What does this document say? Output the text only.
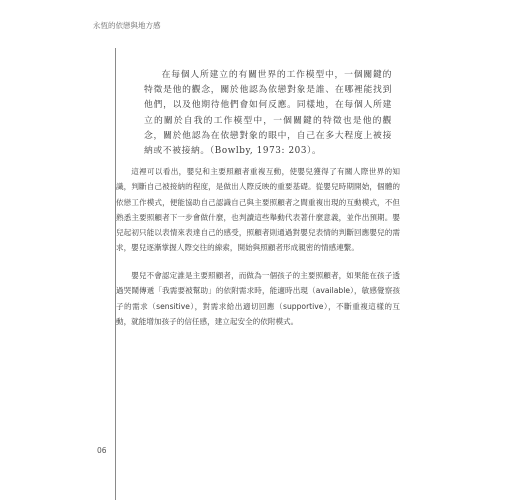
永恆的依戀與地方感

在每個人所建立的有關世界的工作模型中，一個關鍵的特徵是他的觀念，關於他認為依戀對象是誰、在哪裡能找到他們，以及他期待他們會如何反應。同樣地，在每個人所建立的關於自我的工作模型中，一個關鍵的特徵也是他的觀念，關於他認為在依戀對象的眼中，自己在多大程度上被接納或不被接納。（Bowlby, 1973: 203）。

這裡可以看出，嬰兒和主要照顧者重複互動，使嬰兒獲得了有關人際世界的知識，判斷自己被接納的程度，是做出人際反映的重要基礎。從嬰兒時期開始，個體的依戀工作模式，便能協助自己認識自己與主要照顧者之間重複出現的互動模式，不但熟悉主要照顧者下一步會做什麼，也判讀這些舉動代表著什麼意義，並作出預期。嬰兒起初只能以表情來表達自己的感受，照顧者則通過對嬰兒表情的判斷回應嬰兒的需求，嬰兒逐漸掌握人際交往的線索，開始與照顧者形成親密的情感連繫。

嬰兒不會認定誰是主要照顧者，而做為一個孩子的主要照顧者，如果能在孩子透過哭鬧傳遞「我需要被幫助」的依附需求時，能適時出現（available），敏感覺察孩子的需求（sensitive），對需求給出適切回應（supportive），不斷重複這樣的互動，就能增加孩子的信任感，建立起安全的依附模式。

06
